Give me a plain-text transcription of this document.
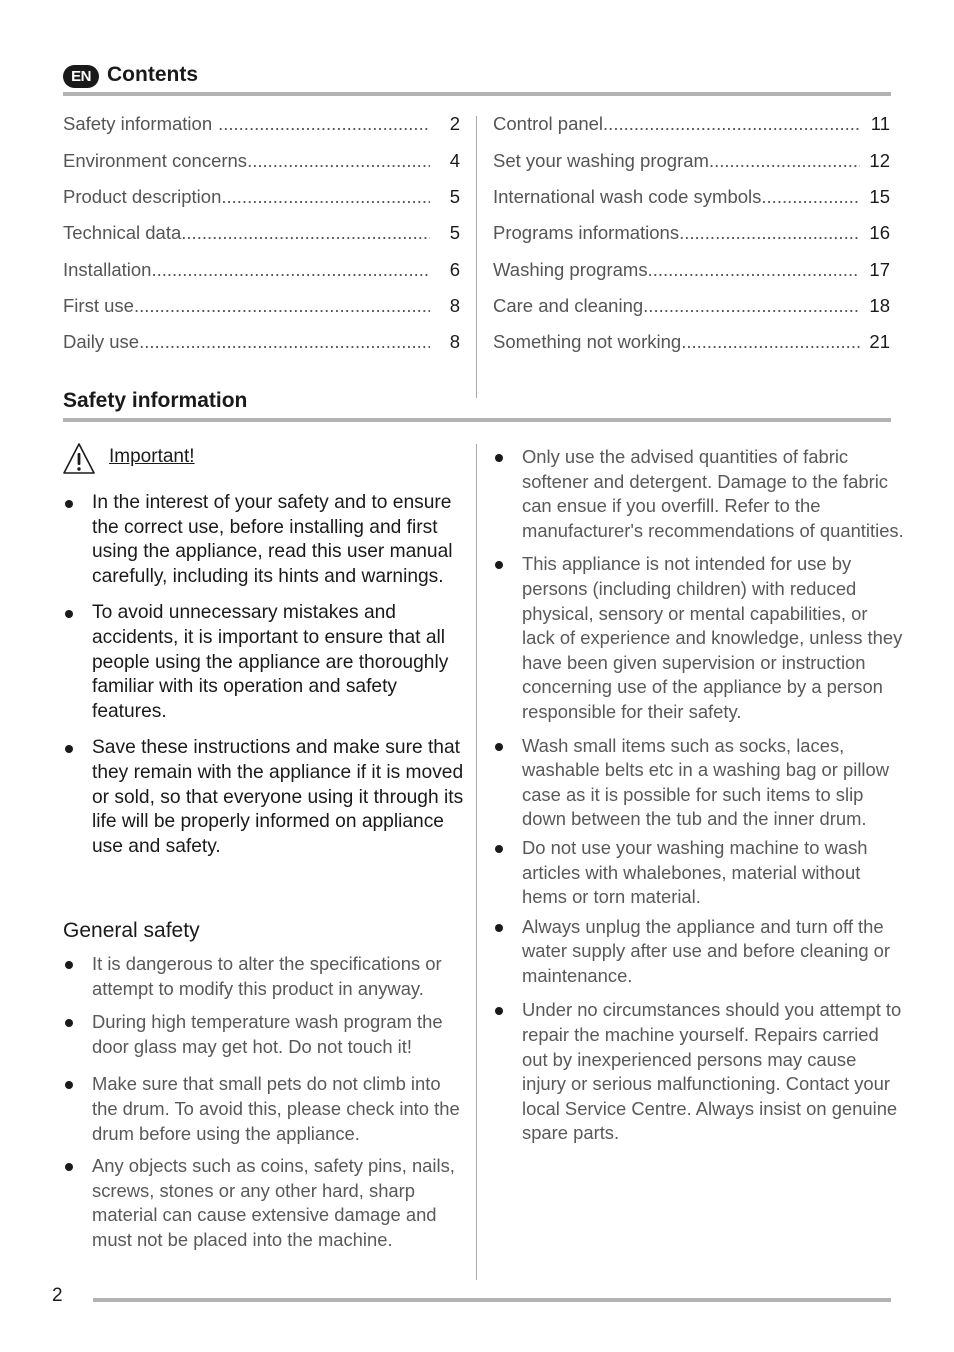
EN Contents
Safety information .....	2
Environment concerns .....	4
Product description .....	5
Technical data .....	5
Installation .....	6
First use .....	8
Daily use .....	8
Control panel .....	11
Set your washing program .....	12
International wash code symbols .....	15
Programs informations .....	16
Washing programs .....	17
Care and cleaning .....	18
Something not working .....	21
Safety information
Important!
In the interest of your safety and to ensure the correct use, before installing and first using the appliance, read this user manual carefully, including its hints and warnings.
To avoid unnecessary mistakes and accidents, it is important to ensure that all people using the appliance are thoroughly familiar with its operation and safety features.
Save these instructions and make sure that they remain with the appliance if it is moved or sold, so that everyone using it through its life will be properly informed on appliance use and safety.
General safety
It is dangerous to alter the specifications or attempt to modify this product in anyway.
During high temperature wash program the door glass may get hot. Do not touch it!
Make sure that small pets do not climb into the drum. To avoid this, please check into the drum before using the appliance.
Any objects such as coins, safety pins, nails, screws, stones or any other hard, sharp material can cause extensive damage and must not be placed into the machine.
Only use the advised quantities of fabric softener and detergent. Damage to the fabric can ensue if you overfill. Refer to the manufacturer's recommendations of quantities.
This appliance is not intended for use by persons (including children) with reduced physical, sensory or mental capabilities, or lack of experience and knowledge, unless they have been given supervision or instruction concerning use of the appliance by a person responsible for their safety.
Wash small items such as socks, laces, washable belts etc in a washing bag or pillow case as it is possible for such items to slip down between the tub and the inner drum.
Do not use your washing machine to wash articles with whalebones, material without hems or torn material.
Always unplug the appliance and turn off the water supply after use and before cleaning or maintenance.
Under no circumstances should you attempt to repair the machine yourself. Repairs carried out by inexperienced persons may cause injury or serious malfunctioning. Contact your local Service Centre. Always insist on genuine spare parts.
2
